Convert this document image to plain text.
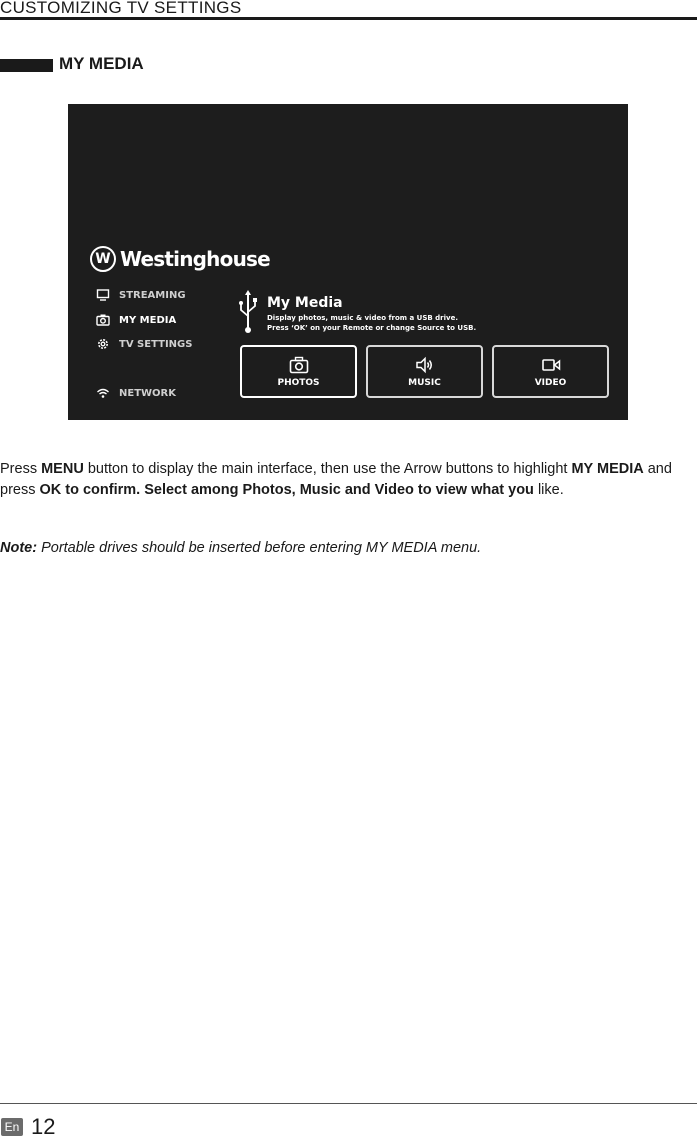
CUSTOMIZING TV SETTINGS
MY MEDIA
W Westinghouse
STREAMING
MY MEDIA
TV SETTINGS
NETWORK
My Media
Display photos, music & video from a USB drive.
Press ‘OK’ on your Remote or change Source to USB.
PHOTOS	MUSIC	VIDEO
Press MENU button to display the main interface, then use the Arrow buttons to highlight MY MEDIA and press OK to confirm. Select among Photos, Music and Video to view what you like.
Note: Portable drives should be inserted before entering MY MEDIA menu.
En 12
